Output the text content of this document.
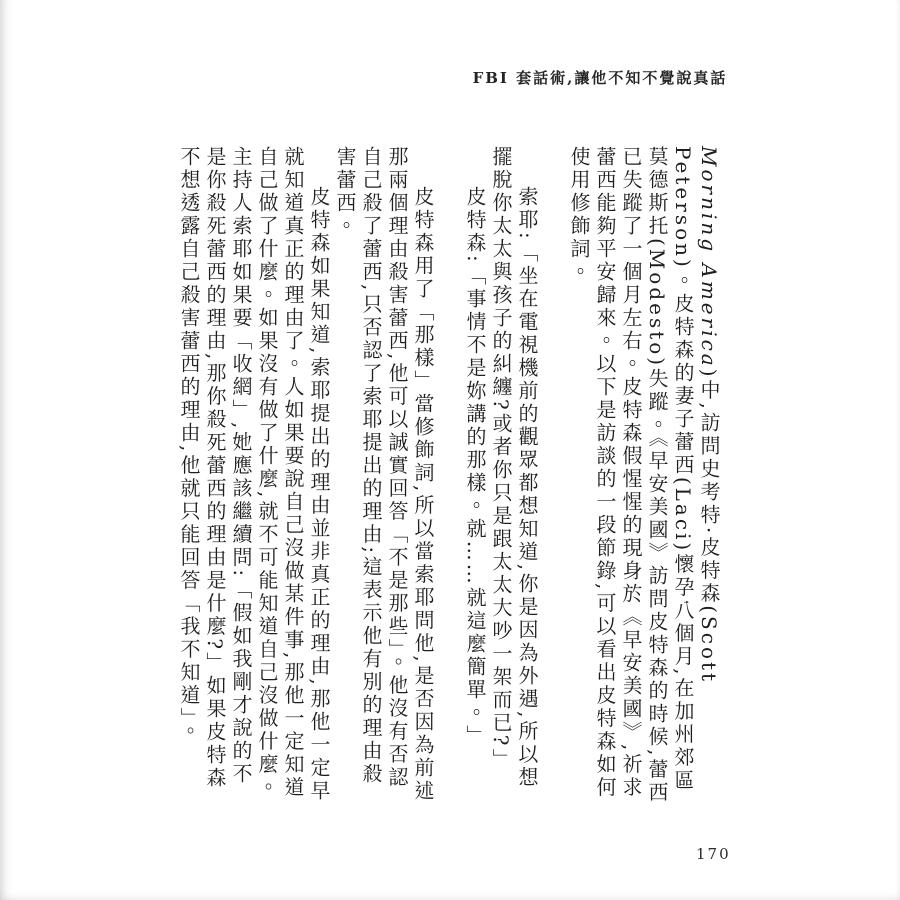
FBI 套話術,讓他不知不覺說真話

Morning America)中,訪問史考特·皮特森(Scott Peterson)。皮特森的妻子蕾西(Laci)懷孕八個月,在加州郊區莫德斯托(Modesto)失蹤。《早安美國》訪問皮特森的時候,蕾西已失蹤了一個月左右。皮特森假惺惺的現身於《早安美國》,祈求蕾西能夠平安歸來。以下是訪談的一段節錄,可以看出皮特森如何使用修飾詞。

索耶:「坐在電視機前的觀眾都想知道,你是因為外遇,所以想擺脫你太太與孩子的糾纏?或者你只是跟太太大吵一架而已?」

皮特森:「事情不是妳講的那樣。就……就這麼簡單。」

皮特森用了「那樣」當修飾詞,所以當索耶問他,是否因為前述那兩個理由殺害蕾西,他可以誠實回答「不是那些」。他沒有否認自己殺了蕾西,只否認了索耶提出的理由;這表示他有別的理由殺害蕾西。

皮特森如果知道,索耶提出的理由並非真正的理由,那他一定早就知道真正的理由了。人如果要說自己沒做某件事,那他一定知道自己做了什麼。如果沒有做了什麼,就不可能知道自己沒做什麼。主持人索耶如果要「收網」,她應該繼續問:「假如我剛才說的不是你殺死蕾西的理由,那你殺死蕾西的理由是什麼?」如果皮特森不想透露自己殺害蕾西的理由,他就只能回答「我不知道」。

170
